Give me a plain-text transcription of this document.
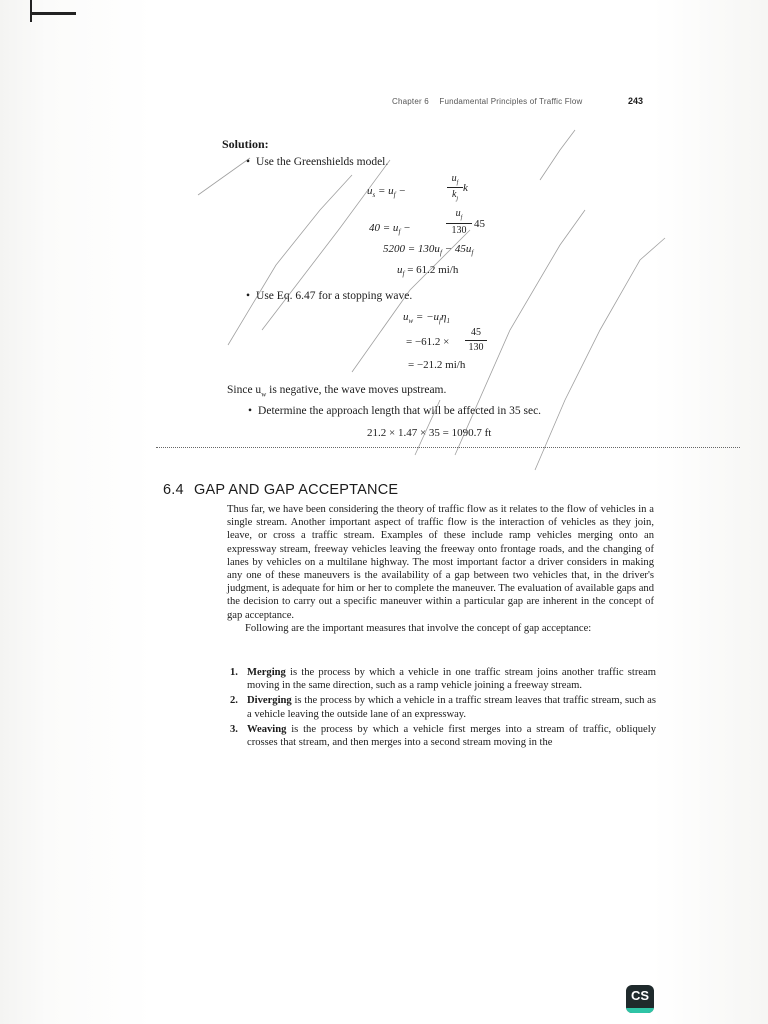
Chapter 6 Fundamental Principles of Traffic Flow	243
Solution:
• Use the Greenshields model.
$u_s = u_f$ −
$u_f$
$k_j$
k
$40 = u_f$ −
$u_f$
130
45
$5200 = 130u_f - 45u_f$
$u_f = 61.2$ mi/h
• Use Eq. 6.47 for a stopping wave.
$u_w = -u_f\eta_1$
= −61.2 ×
45
130
= −21.2 mi/h
Since $u_w$ is negative, the wave moves upstream.
• Determine the approach length that will be affected in 35 sec.
21.2 × 1.47 × 35 = 1090.7 ft
6.4 GAP AND GAP ACCEPTANCE

Thus far, we have been considering the theory of traffic flow as it relates to the flow of vehicles in a single stream. Another important aspect of traffic flow is the interaction of vehicles as they join, leave, or cross a traffic stream. Examples of these include ramp vehicles merging onto an expressway stream, freeway vehicles leaving the freeway onto frontage roads, and the changing of lanes by vehicles on a multilane highway. The most important factor a driver considers in making any one of these maneuvers is the availability of a gap between two vehicles that, in the driver's judgment, is adequate for him or her to complete the maneuver. The evaluation of available gaps and the decision to carry out a specific maneuver within a particular gap are inherent in the concept of gap acceptance.

Following are the important measures that involve the concept of gap acceptance:

1. Merging is the process by which a vehicle in one traffic stream joins another traffic stream moving in the same direction, such as a ramp vehicle joining a freeway stream.
2. Diverging is the process by which a vehicle in a traffic stream leaves that traffic stream, such as a vehicle leaving the outside lane of an expressway.
3. Weaving is the process by which a vehicle first merges into a stream of traffic, obliquely crosses that stream, and then merges into a second stream moving in the
CS
